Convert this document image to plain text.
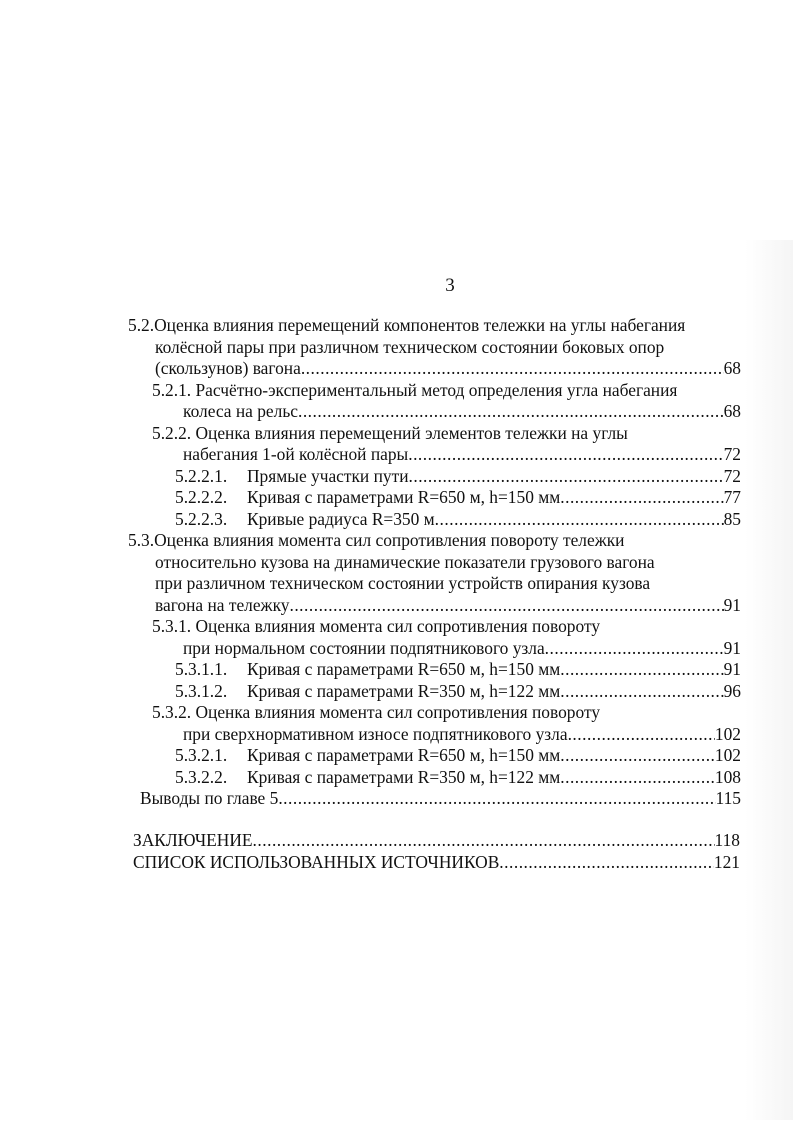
3
5.2.Оценка влияния перемещений компонентов тележки на углы набегания
колёсной пары при различном техническом состоянии боковых опор
(скользунов) вагона .....	68
5.2.1. Расчётно-экспериментальный метод определения угла набегания
колеса на рельс .....	68
5.2.2. Оценка влияния перемещений элементов тележки на углы
набегания 1-ой колёсной пары .....	72
5.2.2.1.	Прямые участки пути .....	72
5.2.2.2.	Кривая с параметрами R=650 м, h=150 мм .....	77
5.2.2.3.	Кривые радиуса R=350 м .....	85
5.3.Оценка влияния момента сил сопротивления повороту тележки
относительно кузова на динамические показатели грузового вагона
при различном техническом состоянии устройств опирания кузова
вагона на тележку .....	91
5.3.1. Оценка влияния момента сил сопротивления повороту
при нормальном состоянии подпятникового узла .....	91
5.3.1.1.	Кривая с параметрами R=650 м, h=150 мм .....	91
5.3.1.2.	Кривая с параметрами R=350 м, h=122 мм .....	96
5.3.2. Оценка влияния момента сил сопротивления повороту
при сверхнормативном износе подпятникового узла .....	102
5.3.2.1.	Кривая с параметрами R=650 м, h=150 мм .....	102
5.3.2.2.	Кривая с параметрами R=350 м, h=122 мм .....	108
Выводы по главе 5 .....	115
ЗАКЛЮЧЕНИЕ .....	118
СПИСОК ИСПОЛЬЗОВАННЫХ ИСТОЧНИКОВ .....	121
